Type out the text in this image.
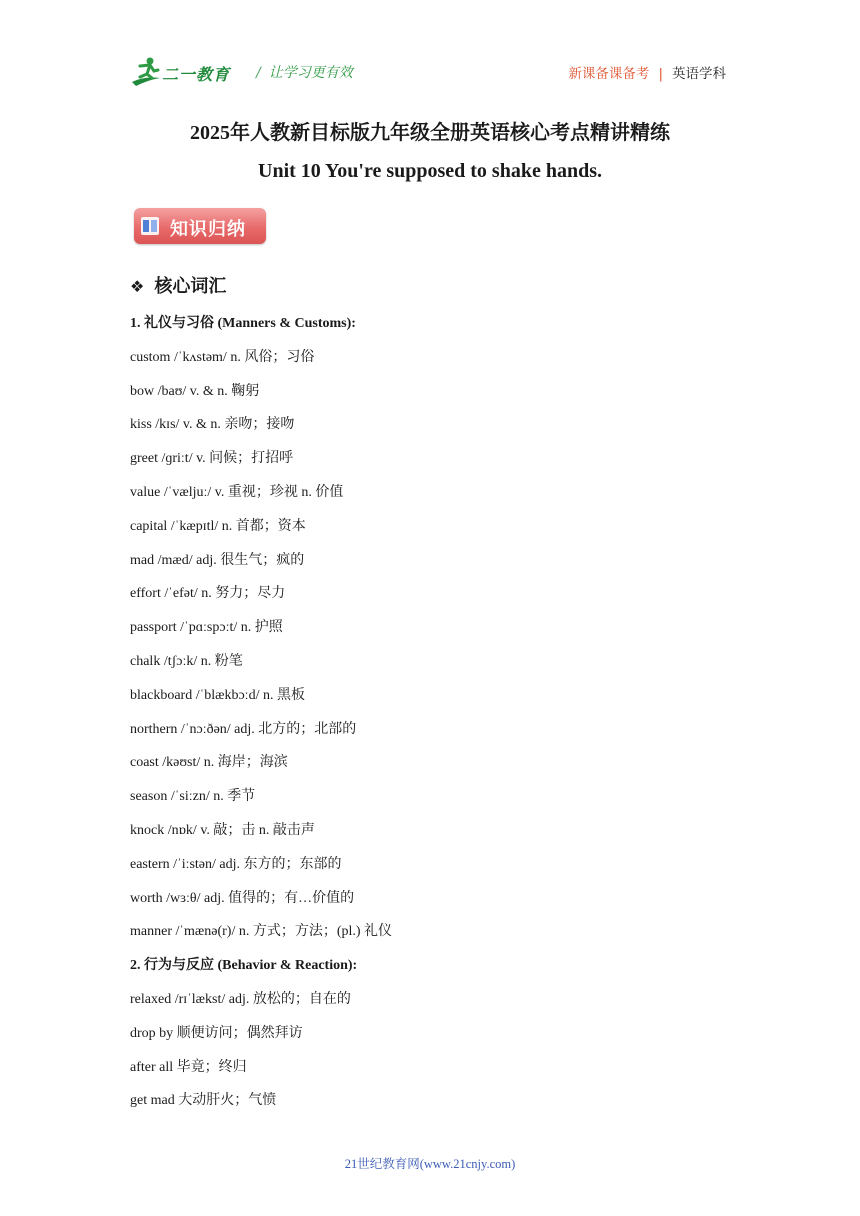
二一教育 / 让学习更有效	新课备课备考 | 英语学科
2025年人教新目标版九年级全册英语核心考点精讲精练
Unit 10 You're supposed to shake hands.
知识归纳
❖ 核心词汇
1. 礼仪与习俗 (Manners & Customs):
custom /ˈkʌstəm/ n. 风俗；习俗
bow /baʊ/ v. & n. 鞠躬
kiss /kɪs/ v. & n. 亲吻；接吻
greet /ɡriːt/ v. 问候；打招呼
value /ˈvæljuː/ v. 重视；珍视 n. 价值
capital /ˈkæpɪtl/ n. 首都；资本
mad /mæd/ adj. 很生气；疯的
effort /ˈefət/ n. 努力；尽力
passport /ˈpɑːspɔːt/ n. 护照
chalk /tʃɔːk/ n. 粉笔
blackboard /ˈblækbɔːd/ n. 黑板
northern /ˈnɔːðən/ adj. 北方的；北部的
coast /kəʊst/ n. 海岸；海滨
season /ˈsiːzn/ n. 季节
knock /nɒk/ v. 敲；击 n. 敲击声
eastern /ˈiːstən/ adj. 东方的；东部的
worth /wɜːθ/ adj. 值得的；有…价值的
manner /ˈmænə(r)/ n. 方式；方法；(pl.) 礼仪
2. 行为与反应 (Behavior & Reaction):
relaxed /rɪˈlækst/ adj. 放松的；自在的
drop by 顺便访问；偶然拜访
after all 毕竟；终归
get mad 大动肝火；气愤
21世纪教育网(www.21cnjy.com)
